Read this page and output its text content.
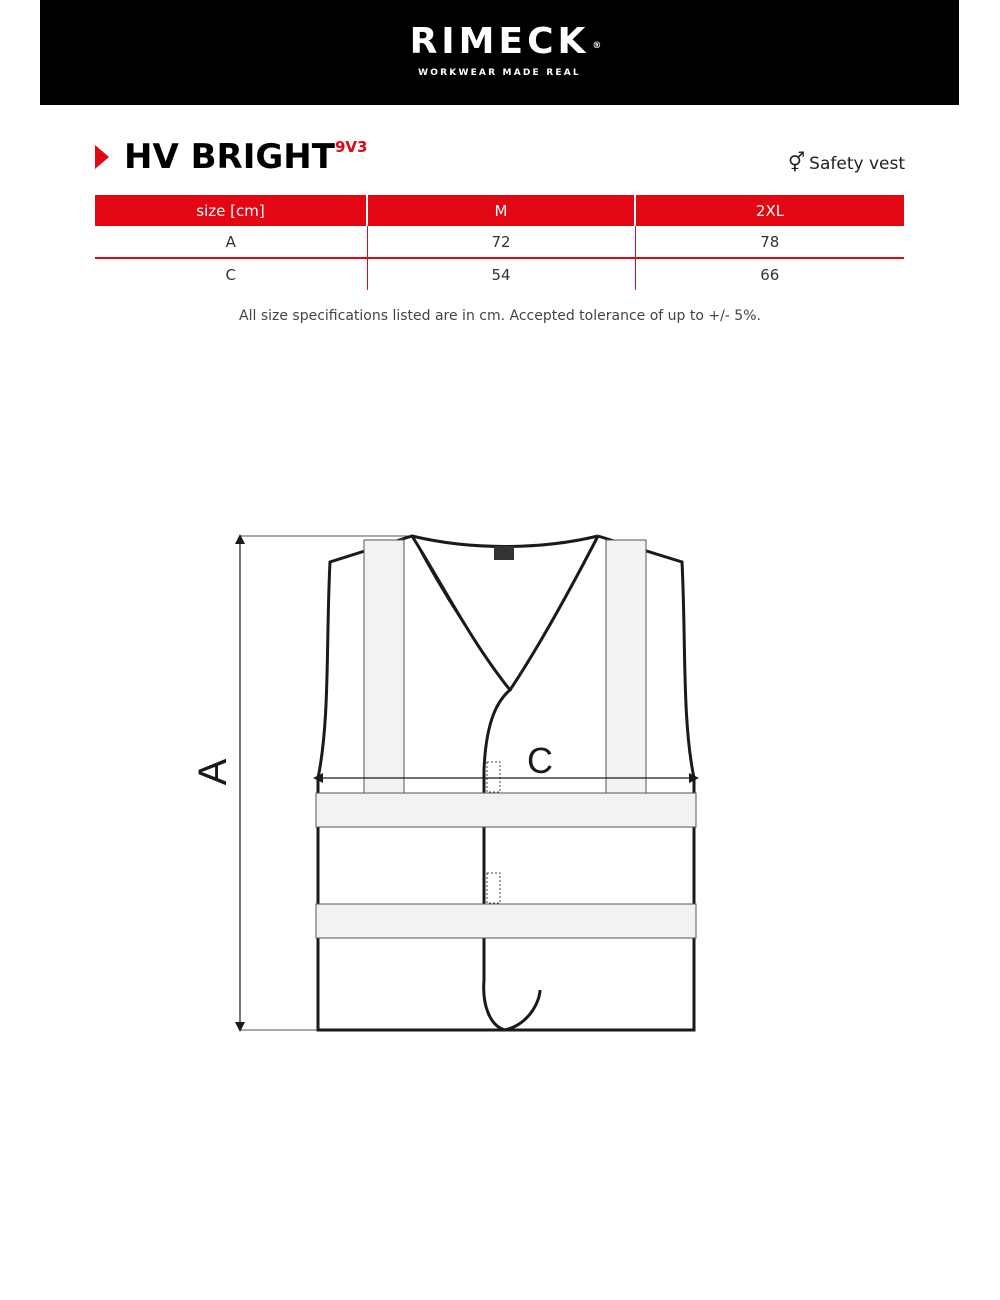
RIMECK ®
WORKWEAR MADE REAL
HV BRIGHT 9V3
⚥ Safety vest
size [cm]	M	2XL
A	72	78
C	54	66
All size specifications listed are in cm. Accepted tolerance of up to +/- 5%.
A	C
